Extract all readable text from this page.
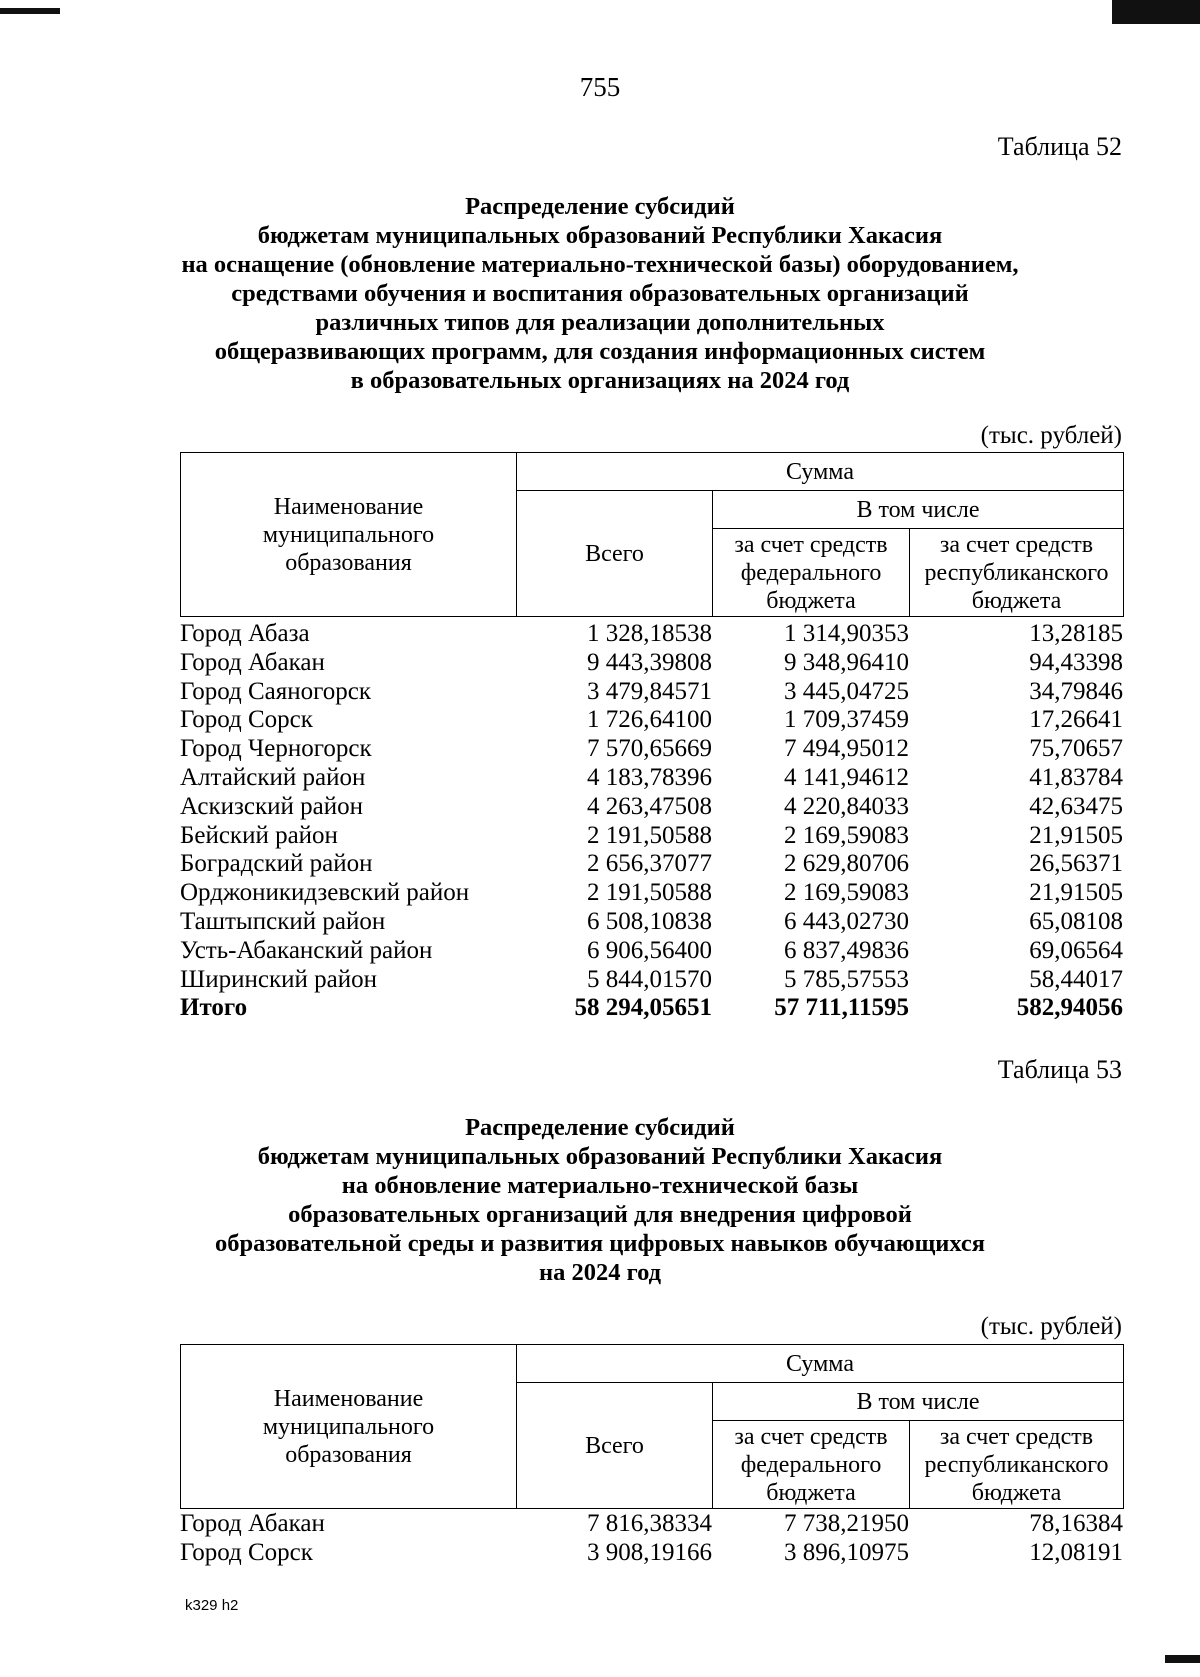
755
Таблица 52
Распределение субсидий
бюджетам муниципальных образований Республики Хакасия
на оснащение (обновление материально-технической базы) оборудованием,
средствами обучения и воспитания образовательных организаций
различных типов для реализации дополнительных
общеразвивающих программ, для создания информационных систем
в образовательных организациях на 2024 год
(тыс. рублей)
Наименование муниципального образования	Сумма		
	Всего	В том числе	
		за счет средств федерального бюджета	за счет средств республиканского бюджета
Город Абаза	1 328,18538	1 314,90353	13,28185
Город Абакан	9 443,39808	9 348,96410	94,43398
Город Саяногорск	3 479,84571	3 445,04725	34,79846
Город Сорск	1 726,64100	1 709,37459	17,26641
Город Черногорск	7 570,65669	7 494,95012	75,70657
Алтайский район	4 183,78396	4 141,94612	41,83784
Аскизский район	4 263,47508	4 220,84033	42,63475
Бейский район	2 191,50588	2 169,59083	21,91505
Боградский район	2 656,37077	2 629,80706	26,56371
Орджоникидзевский район	2 191,50588	2 169,59083	21,91505
Таштыпский район	6 508,10838	6 443,02730	65,08108
Усть-Абаканский район	6 906,56400	6 837,49836	69,06564
Ширинский район	5 844,01570	5 785,57553	58,44017
Итого	58 294,05651	57 711,11595	582,94056
Таблица 53
Распределение субсидий
бюджетам муниципальных образований Республики Хакасия
на обновление материально-технической базы
образовательных организаций для внедрения цифровой
образовательной среды и развития цифровых навыков обучающихся
на 2024 год
(тыс. рублей)
Наименование муниципального образования	Сумма		
	Всего	В том числе	
		за счет средств федерального бюджета	за счет средств республиканского бюджета
Город Абакан	7 816,38334	7 738,21950	78,16384
Город Сорск	3 908,19166	3 896,10975	12,08191
k329 h2
